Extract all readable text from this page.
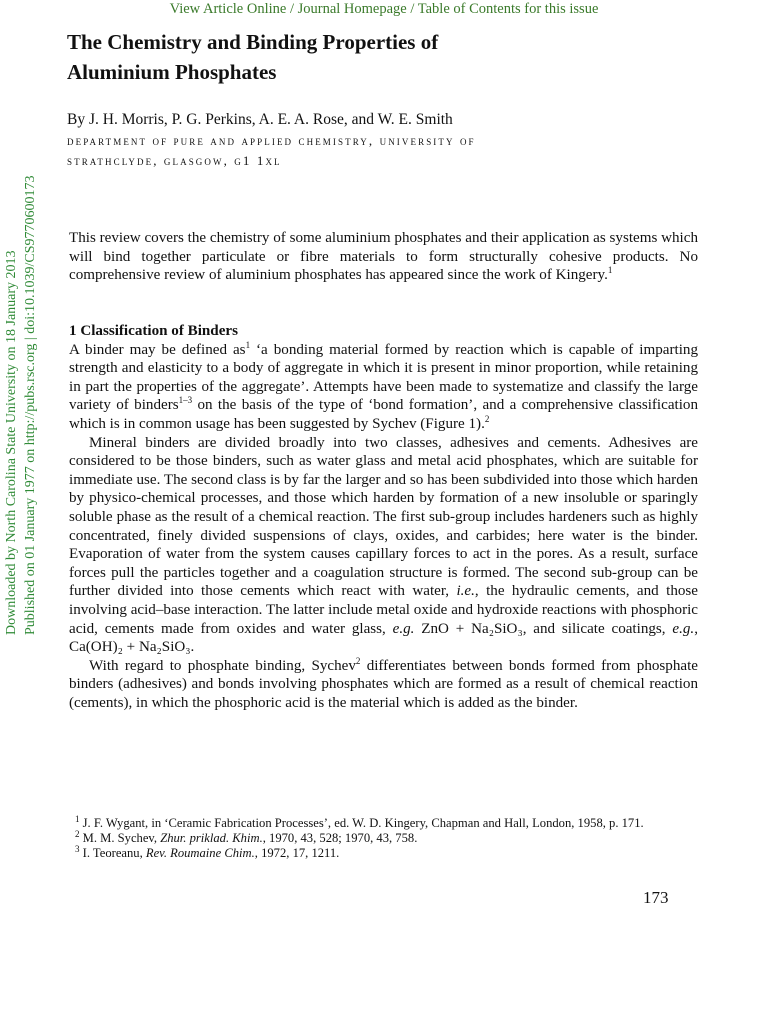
View Article Online / Journal Homepage / Table of Contents for this issue
Downloaded by North Carolina State University on 18 January 2013 Published on 01 January 1977 on http://pubs.rsc.org | doi:10.1039/CS9770600173
The Chemistry and Binding Properties of
Aluminium Phosphates
By J. H. Morris, P. G. Perkins, A. E. A. Rose, and W. E. Smith
department of pure and applied chemistry, university of
strathclyde, glasgow, g1 1xl
This review covers the chemistry of some aluminium phosphates and their application as systems which will bind together particulate or fibre materials to form structurally cohesive products. No comprehensive review of aluminium phosphates has appeared since the work of Kingery.$^1$
1 Classification of Binders

A binder may be defined $as^1$ ‘a bonding material formed by reaction which is capable of imparting strength and elasticity to a body of aggregate in which it is present in minor proportion, while retaining in part the properties of the aggregate’. Attempts have been made to systematize and classify the large variety of binders$^{1-3}$ on the basis of the type of ‘bond formation’, and a comprehensive classification which is in common usage has been suggested by Sychev (Figure 1).$^2$

Mineral binders are divided broadly into two classes, adhesives and cements. Adhesives are considered to be those binders, such as water glass and metal acid phosphates, which are suitable for immediate use. The second class is by far the larger and so has been subdivided into those which harden by physico-chemical processes, and those which harden by formation of a new insoluble or sparingly soluble phase as the result of a chemical reaction. The first sub-group includes hardeners such as highly concentrated, finely divided suspensions of clays, oxides, and carbides; here water is the binder. Evaporation of water from the system causes capillary forces to act in the pores. As a result, surface forces pull the particles together and a coagulation structure is formed. The second sub-group can be further divided into those cements which react with water, i.e., the hydraulic cements, and those involving acid–base interaction. The latter include metal oxide and hydroxide reactions with phosphoric acid, cements made from oxides and water glass, e.g. ZnO + Na₂SiO₃, and silicate coatings, e.g., Ca(OH)₂ + Na₂SiO₃.

With regard to phosphate binding, Sychev$^2$ differentiates between bonds formed from phosphate binders (adhesives) and bonds involving phosphates which are formed as a result of chemical reaction (cements), in which the phosphoric acid is the material which is added as the binder.

$^1$ J. F. Wygant, in ‘Ceramic Fabrication Processes’, ed. W. D. Kingery, Chapman and Hall, London, 1958, p. 171.
$^2$ M. M. Sychev, Zhur. priklad. Khim., 1970, 43, 528; 1970, 43, 758.
$^3$ I. Teoreanu, Rev. Roumaine Chim., 1972, 17, 1211.
173
